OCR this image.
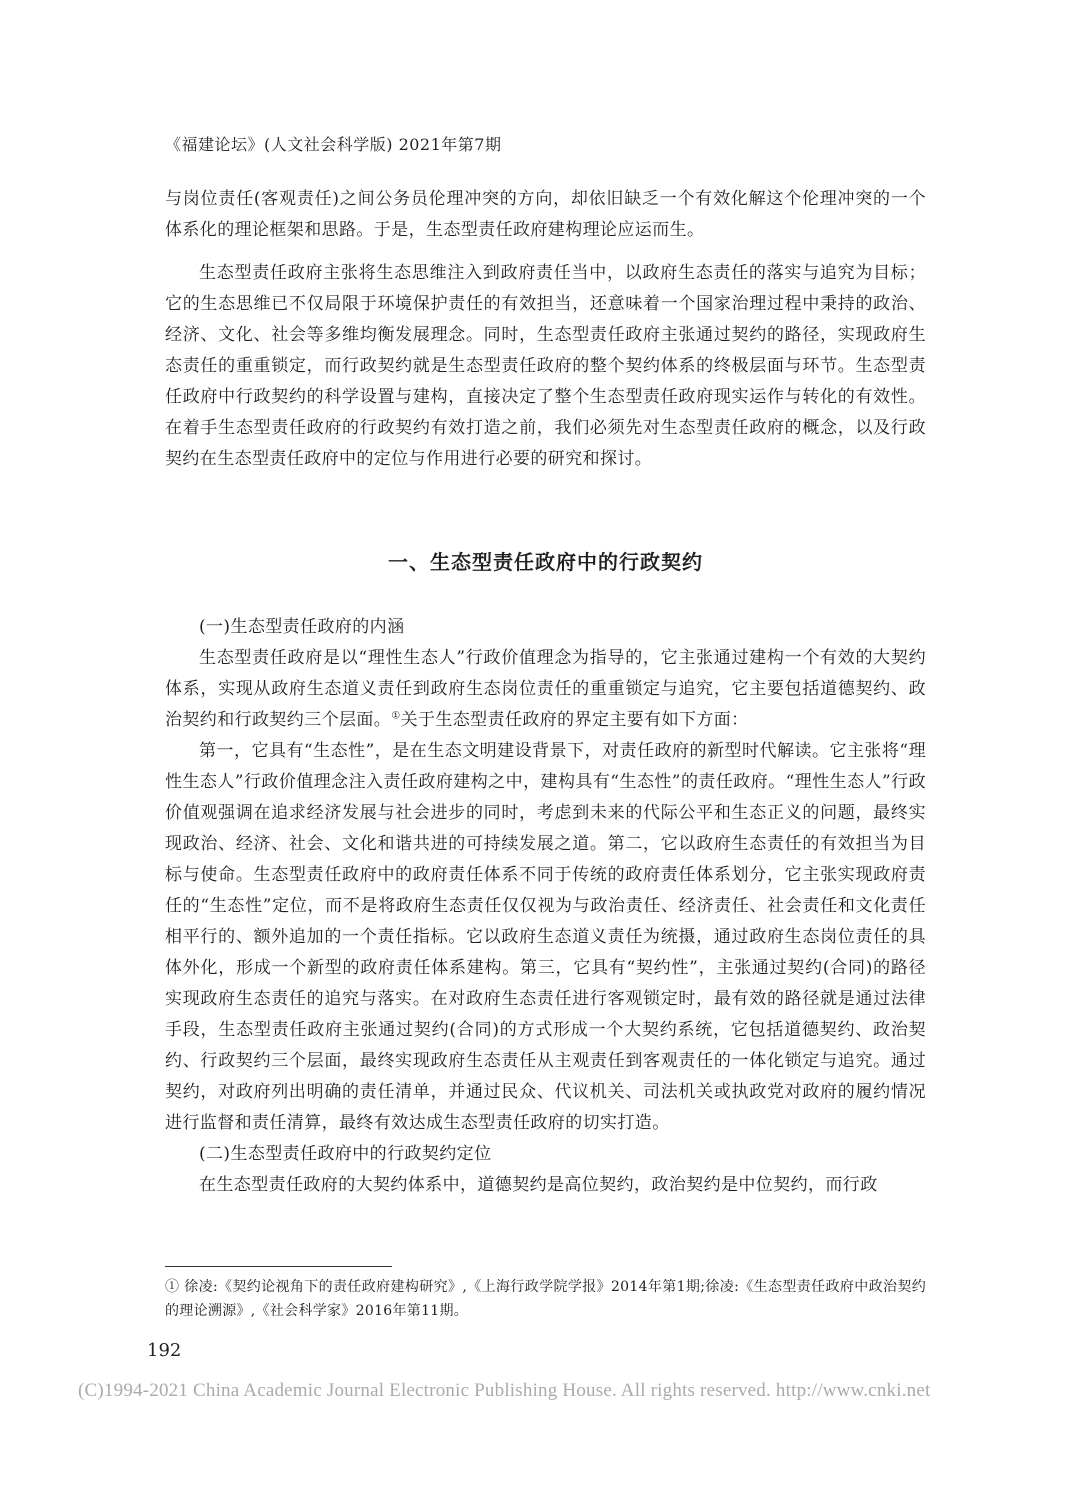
《福建论坛》(人文社会科学版) 2021年第7期

与岗位责任(客观责任)之间公务员伦理冲突的方向，却依旧缺乏一个有效化解这个伦理冲突的一个体系化的理论框架和思路。于是，生态型责任政府建构理论应运而生。

生态型责任政府主张将生态思维注入到政府责任当中，以政府生态责任的落实与追究为目标；它的生态思维已不仅局限于环境保护责任的有效担当，还意味着一个国家治理过程中秉持的政治、经济、文化、社会等多维均衡发展理念。同时，生态型责任政府主张通过契约的路径，实现政府生态责任的重重锁定，而行政契约就是生态型责任政府的整个契约体系的终极层面与环节。生态型责任政府中行政契约的科学设置与建构，直接决定了整个生态型责任政府现实运作与转化的有效性。在着手生态型责任政府的行政契约有效打造之前，我们必须先对生态型责任政府的概念，以及行政契约在生态型责任政府中的定位与作用进行必要的研究和探讨。

一、生态型责任政府中的行政契约

(一)生态型责任政府的内涵

生态型责任政府是以“理性生态人”行政价值理念为指导的，它主张通过建构一个有效的大契约体系，实现从政府生态道义责任到政府生态岗位责任的重重锁定与追究，它主要包括道德契约、政治契约和行政契约三个层面。①关于生态型责任政府的界定主要有如下方面：

第一，它具有“生态性”，是在生态文明建设背景下，对责任政府的新型时代解读。它主张将“理性生态人”行政价值理念注入责任政府建构之中，建构具有“生态性”的责任政府。“理性生态人”行政价值观强调在追求经济发展与社会进步的同时，考虑到未来的代际公平和生态正义的问题，最终实现政治、经济、社会、文化和谐共进的可持续发展之道。第二，它以政府生态责任的有效担当为目标与使命。生态型责任政府中的政府责任体系不同于传统的政府责任体系划分，它主张实现政府责任的“生态性”定位，而不是将政府生态责任仅仅视为与政治责任、经济责任、社会责任和文化责任相平行的、额外追加的一个责任指标。它以政府生态道义责任为统摄，通过政府生态岗位责任的具体外化，形成一个新型的政府责任体系建构。第三，它具有“契约性”，主张通过契约(合同)的路径实现政府生态责任的追究与落实。在对政府生态责任进行客观锁定时，最有效的路径就是通过法律手段，生态型责任政府主张通过契约(合同)的方式形成一个大契约系统，它包括道德契约、政治契约、行政契约三个层面，最终实现政府生态责任从主观责任到客观责任的一体化锁定与追究。通过契约，对政府列出明确的责任清单，并通过民众、代议机关、司法机关或执政党对政府的履约情况进行监督和责任清算，最终有效达成生态型责任政府的切实打造。

(二)生态型责任政府中的行政契约定位

在生态型责任政府的大契约体系中，道德契约是高位契约，政治契约是中位契约，而行政

① 徐凌:《契约论视角下的责任政府建构研究》,《上海行政学院学报》2014年第1期;徐凌:《生态型责任政府中政治契约的理论溯源》,《社会科学家》2016年第11期。
192
(C)1994-2021 China Academic Journal Electronic Publishing House. All rights reserved. http://www.cnki.net
